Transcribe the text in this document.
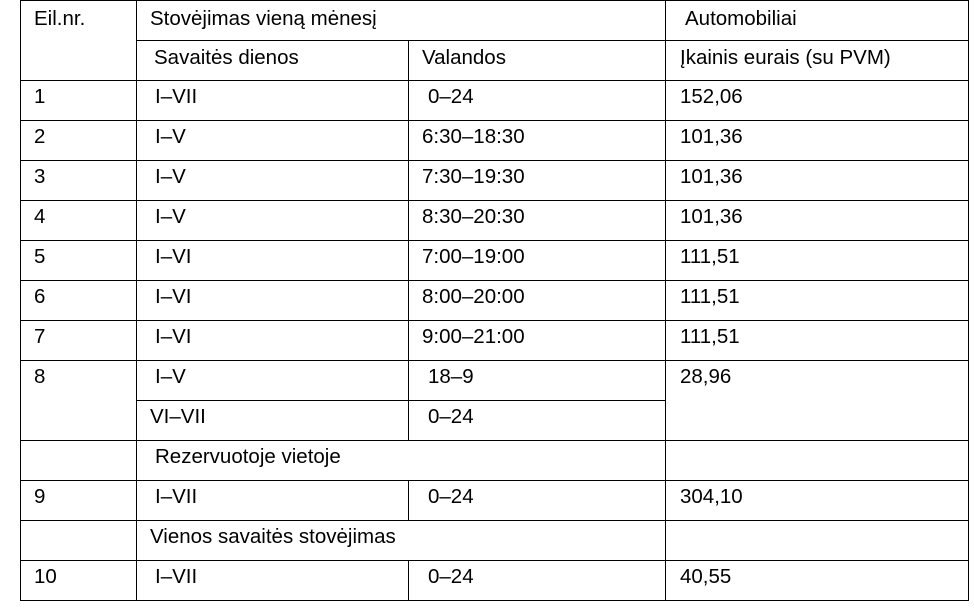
Eil.nr.	Stovėjimas vieną mėnesį		Automobiliai
	Savaitės dienos	Valandos	Įkainis eurais (su PVM)
1	I–VII	0–24	152,06
2	I–V	6:30–18:30	101,36
3	I–V	7:30–19:30	101,36
4	I–V	8:30–20:30	101,36
5	I–VI	7:00–19:00	111,51
6	I–VI	8:00–20:00	111,51
7	I–VI	9:00–21:00	111,51
8	I–V	18–9	28,96
	VI–VII	0–24	
	Rezervuotoje vietoje		
9	I–VII	0–24	304,10
	Vienos savaitės stovėjimas		
10	I–VII	0–24	40,55
